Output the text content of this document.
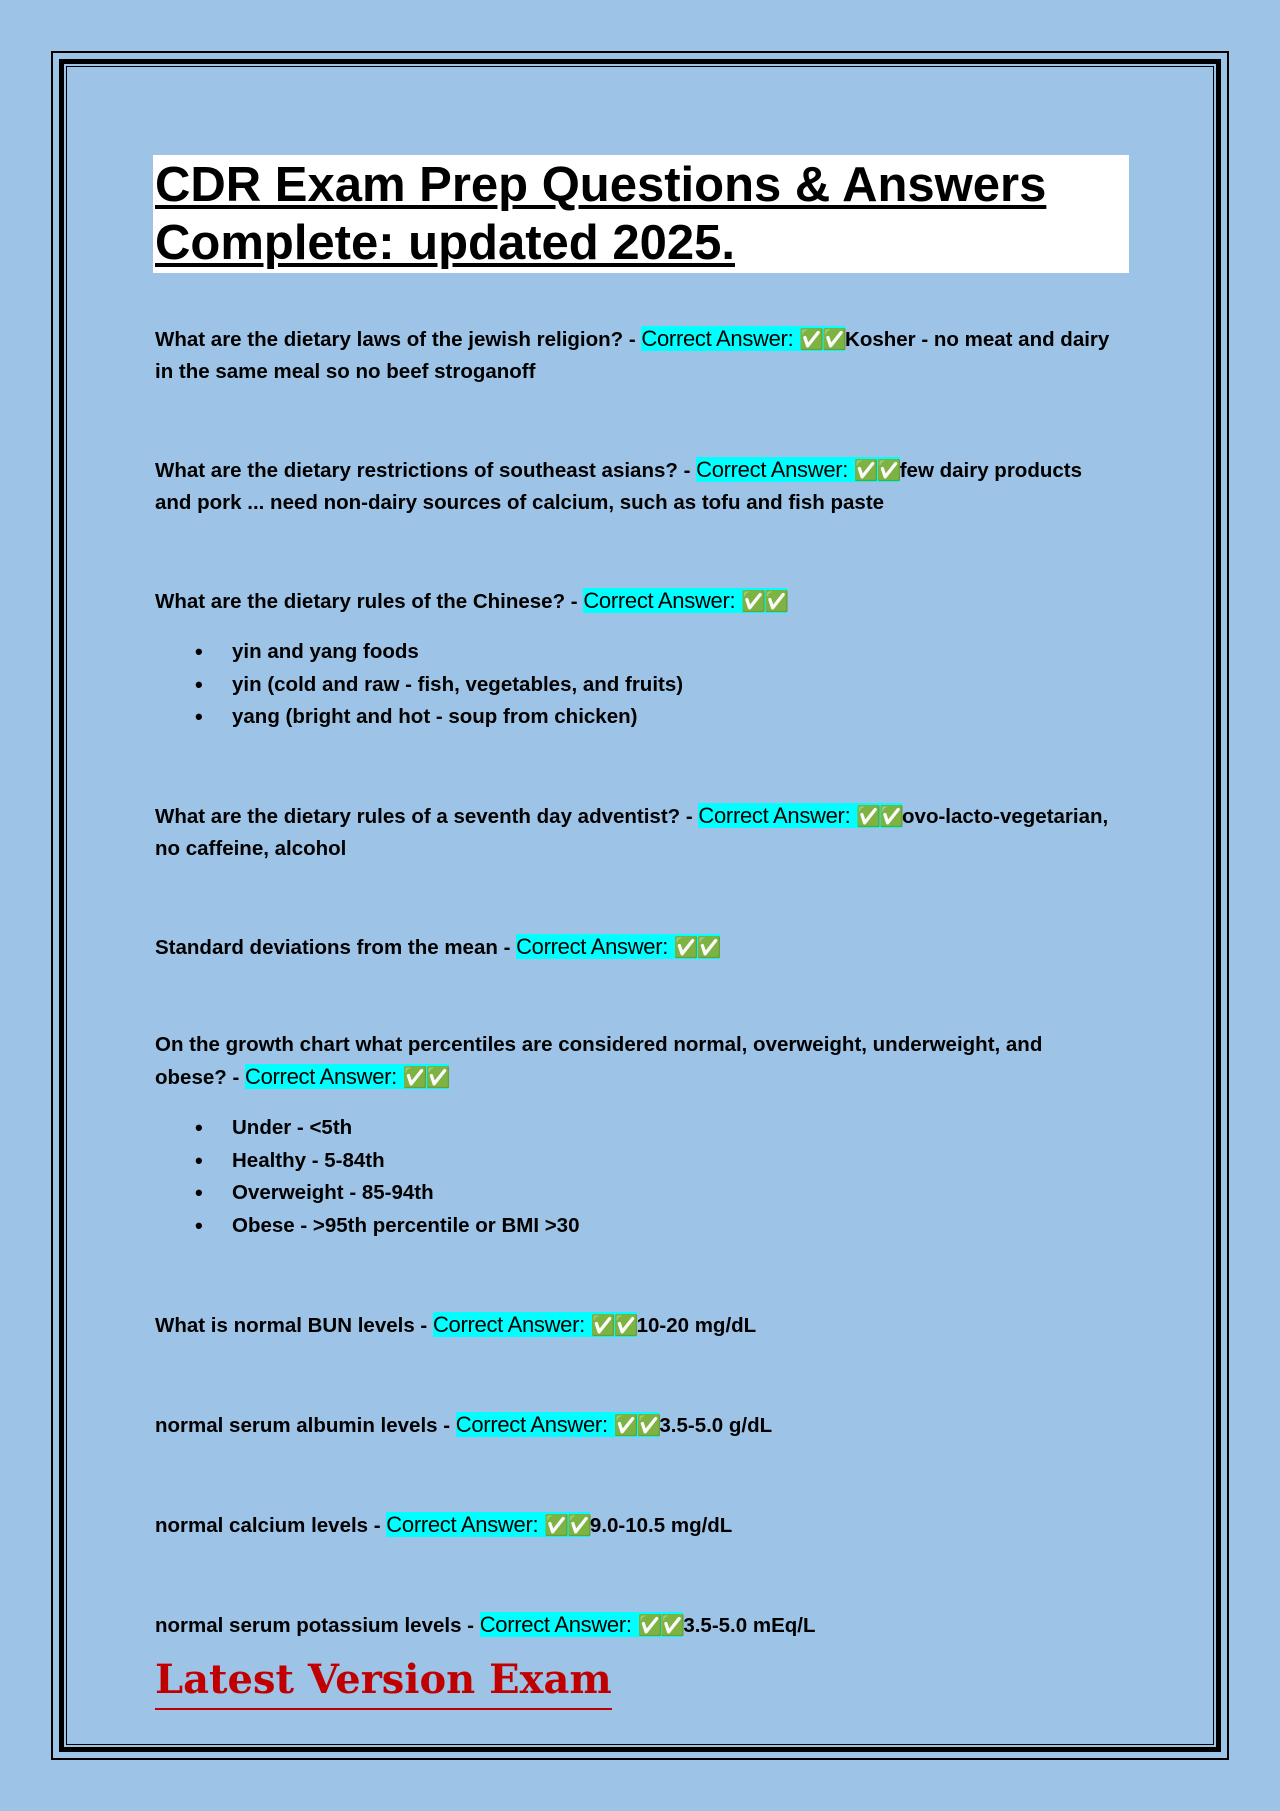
CDR Exam Prep Questions & Answers
Complete: updated 2025.

What are the dietary laws of the jewish religion? - Correct Answer: ✅✅Kosher - no meat and dairy in the same meal so no beef stroganoff

What are the dietary restrictions of southeast asians? - Correct Answer: ✅✅few dairy products and pork ... need non-dairy sources of calcium, such as tofu and fish paste

What are the dietary rules of the Chinese? - Correct Answer: ✅✅

• yin and yang foods
• yin (cold and raw - fish, vegetables, and fruits)
• yang (bright and hot - soup from chicken)

What are the dietary rules of a seventh day adventist? - Correct Answer: ✅✅ovo-lacto-vegetarian, no caffeine, alcohol

Standard deviations from the mean - Correct Answer: ✅✅

On the growth chart what percentiles are considered normal, overweight, underweight, and obese? - Correct Answer: ✅✅

• Under - <5th
• Healthy - 5-84th
• Overweight - 85-94th
• Obese - >95th percentile or BMI >30

What is normal BUN levels - Correct Answer: ✅✅10-20 mg/dL

normal serum albumin levels - Correct Answer: ✅✅3.5-5.0 g/dL

normal calcium levels - Correct Answer: ✅✅9.0-10.5 mg/dL

normal serum potassium levels - Correct Answer: ✅✅3.5-5.0 mEq/L

Latest Version Exam
